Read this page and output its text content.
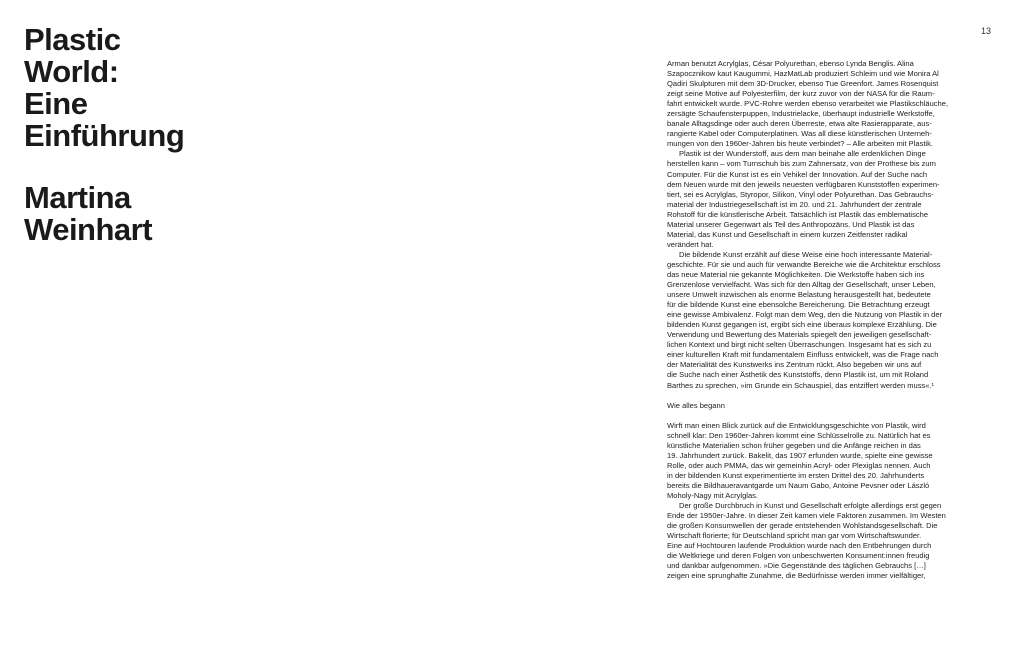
Plastic
World:
Eine
Einführung
Martina
Weinhart
13
Arman benutzt Acrylglas, César Polyurethan, ebenso Lynda Benglis. Alina
Szapocznikow kaut Kaugummi, HazMatLab produziert Schleim und wie Monira Al
Qadiri Skulpturen mit dem 3D-Drucker, ebenso Tue Greenfort. James Rosenquist
zeigt seine Motive auf Polyesterfilm, der kurz zuvor von der NASA für die Raum-
fahrt entwickelt wurde. PVC-Rohre werden ebenso verarbeitet wie Plastikschläuche,
zersägte Schaufensterpuppen, Industrielacke, überhaupt industrielle Werkstoffe,
banale Alltagsdinge oder auch deren Überreste, etwa alte Rasierapparate, aus-
rangierte Kabel oder Computerplatinen. Was all diese künstlerischen Unterneh-
mungen von den 1960er-Jahren bis heute verbindet? – Alle arbeiten mit Plastik.
Plastik ist der Wunderstoff, aus dem man beinahe alle erdenklichen Dinge
herstellen kann – vom Turnschuh bis zum Zahnersatz, von der Prothese bis zum
Computer. Für die Kunst ist es ein Vehikel der Innovation. Auf der Suche nach
dem Neuen wurde mit den jeweils neuesten verfügbaren Kunststoffen experimen-
tiert, sei es Acrylglas, Styropor, Silikon, Vinyl oder Polyurethan. Das Gebrauchs-
material der Industriegesellschaft ist im 20. und 21. Jahrhundert der zentrale
Rohstoff für die künstlerische Arbeit. Tatsächlich ist Plastik das emblematische
Material unserer Gegenwart als Teil des Anthropozäns. Und Plastik ist das
Material, das Kunst und Gesellschaft in einem kurzen Zeitfenster radikal
verändert hat.
Die bildende Kunst erzählt auf diese Weise eine hoch interessante Material-
geschichte. Für sie und auch für verwandte Bereiche wie die Architektur erschloss
das neue Material nie gekannte Möglichkeiten. Die Werkstoffe haben sich ins
Grenzenlose vervielfacht. Was sich für den Alltag der Gesellschaft, unser Leben,
unsere Umwelt inzwischen als enorme Belastung herausgestellt hat, bedeutete
für die bildende Kunst eine ebensolche Bereicherung. Die Betrachtung erzeugt
eine gewisse Ambivalenz. Folgt man dem Weg, den die Nutzung von Plastik in der
bildenden Kunst gegangen ist, ergibt sich eine überaus komplexe Erzählung. Die
Verwendung und Bewertung des Materials spiegelt den jeweiligen gesellschaft-
lichen Kontext und birgt nicht selten Überraschungen. Insgesamt hat es sich zu
einer kulturellen Kraft mit fundamentalem Einfluss entwickelt, was die Frage nach
der Materialität des Kunstwerks ins Zentrum rückt. Also begeben wir uns auf
die Suche nach einer Ästhetik des Kunststoffs, denn Plastik ist, um mit Roland
Barthes zu sprechen, »im Grunde ein Schauspiel, das entziffert werden muss«.¹
Wie alles begann
Wirft man einen Blick zurück auf die Entwicklungsgeschichte von Plastik, wird
schnell klar: Den 1960er-Jahren kommt eine Schlüsselrolle zu. Natürlich hat es
künstliche Materialien schon früher gegeben und die Anfänge reichen in das
19. Jahrhundert zurück. Bakelit, das 1907 erfunden wurde, spielte eine gewisse
Rolle, oder auch PMMA, das wir gemeinhin Acryl- oder Plexiglas nennen. Auch
in der bildenden Kunst experimentierte im ersten Drittel des 20. Jahrhunderts
bereits die Bildhaueravantgarde um Naum Gabo, Antoine Pevsner oder László
Moholy-Nagy mit Acrylglas.
Der große Durchbruch in Kunst und Gesellschaft erfolgte allerdings erst gegen
Ende der 1950er-Jahre. In dieser Zeit kamen viele Faktoren zusammen. Im Westen
die großen Konsumwellen der gerade entstehenden Wohlstandsgesellschaft. Die
Wirtschaft florierte; für Deutschland spricht man gar vom Wirtschaftswunder.
Eine auf Hochtouren laufende Produktion wurde nach den Entbehrungen durch
die Weltkriege und deren Folgen von unbeschwerten Konsument:innen freudig
und dankbar aufgenommen. »Die Gegenstände des täglichen Gebrauchs […]
zeigen eine sprunghafte Zunahme, die Bedürfnisse werden immer vielfältiger,
